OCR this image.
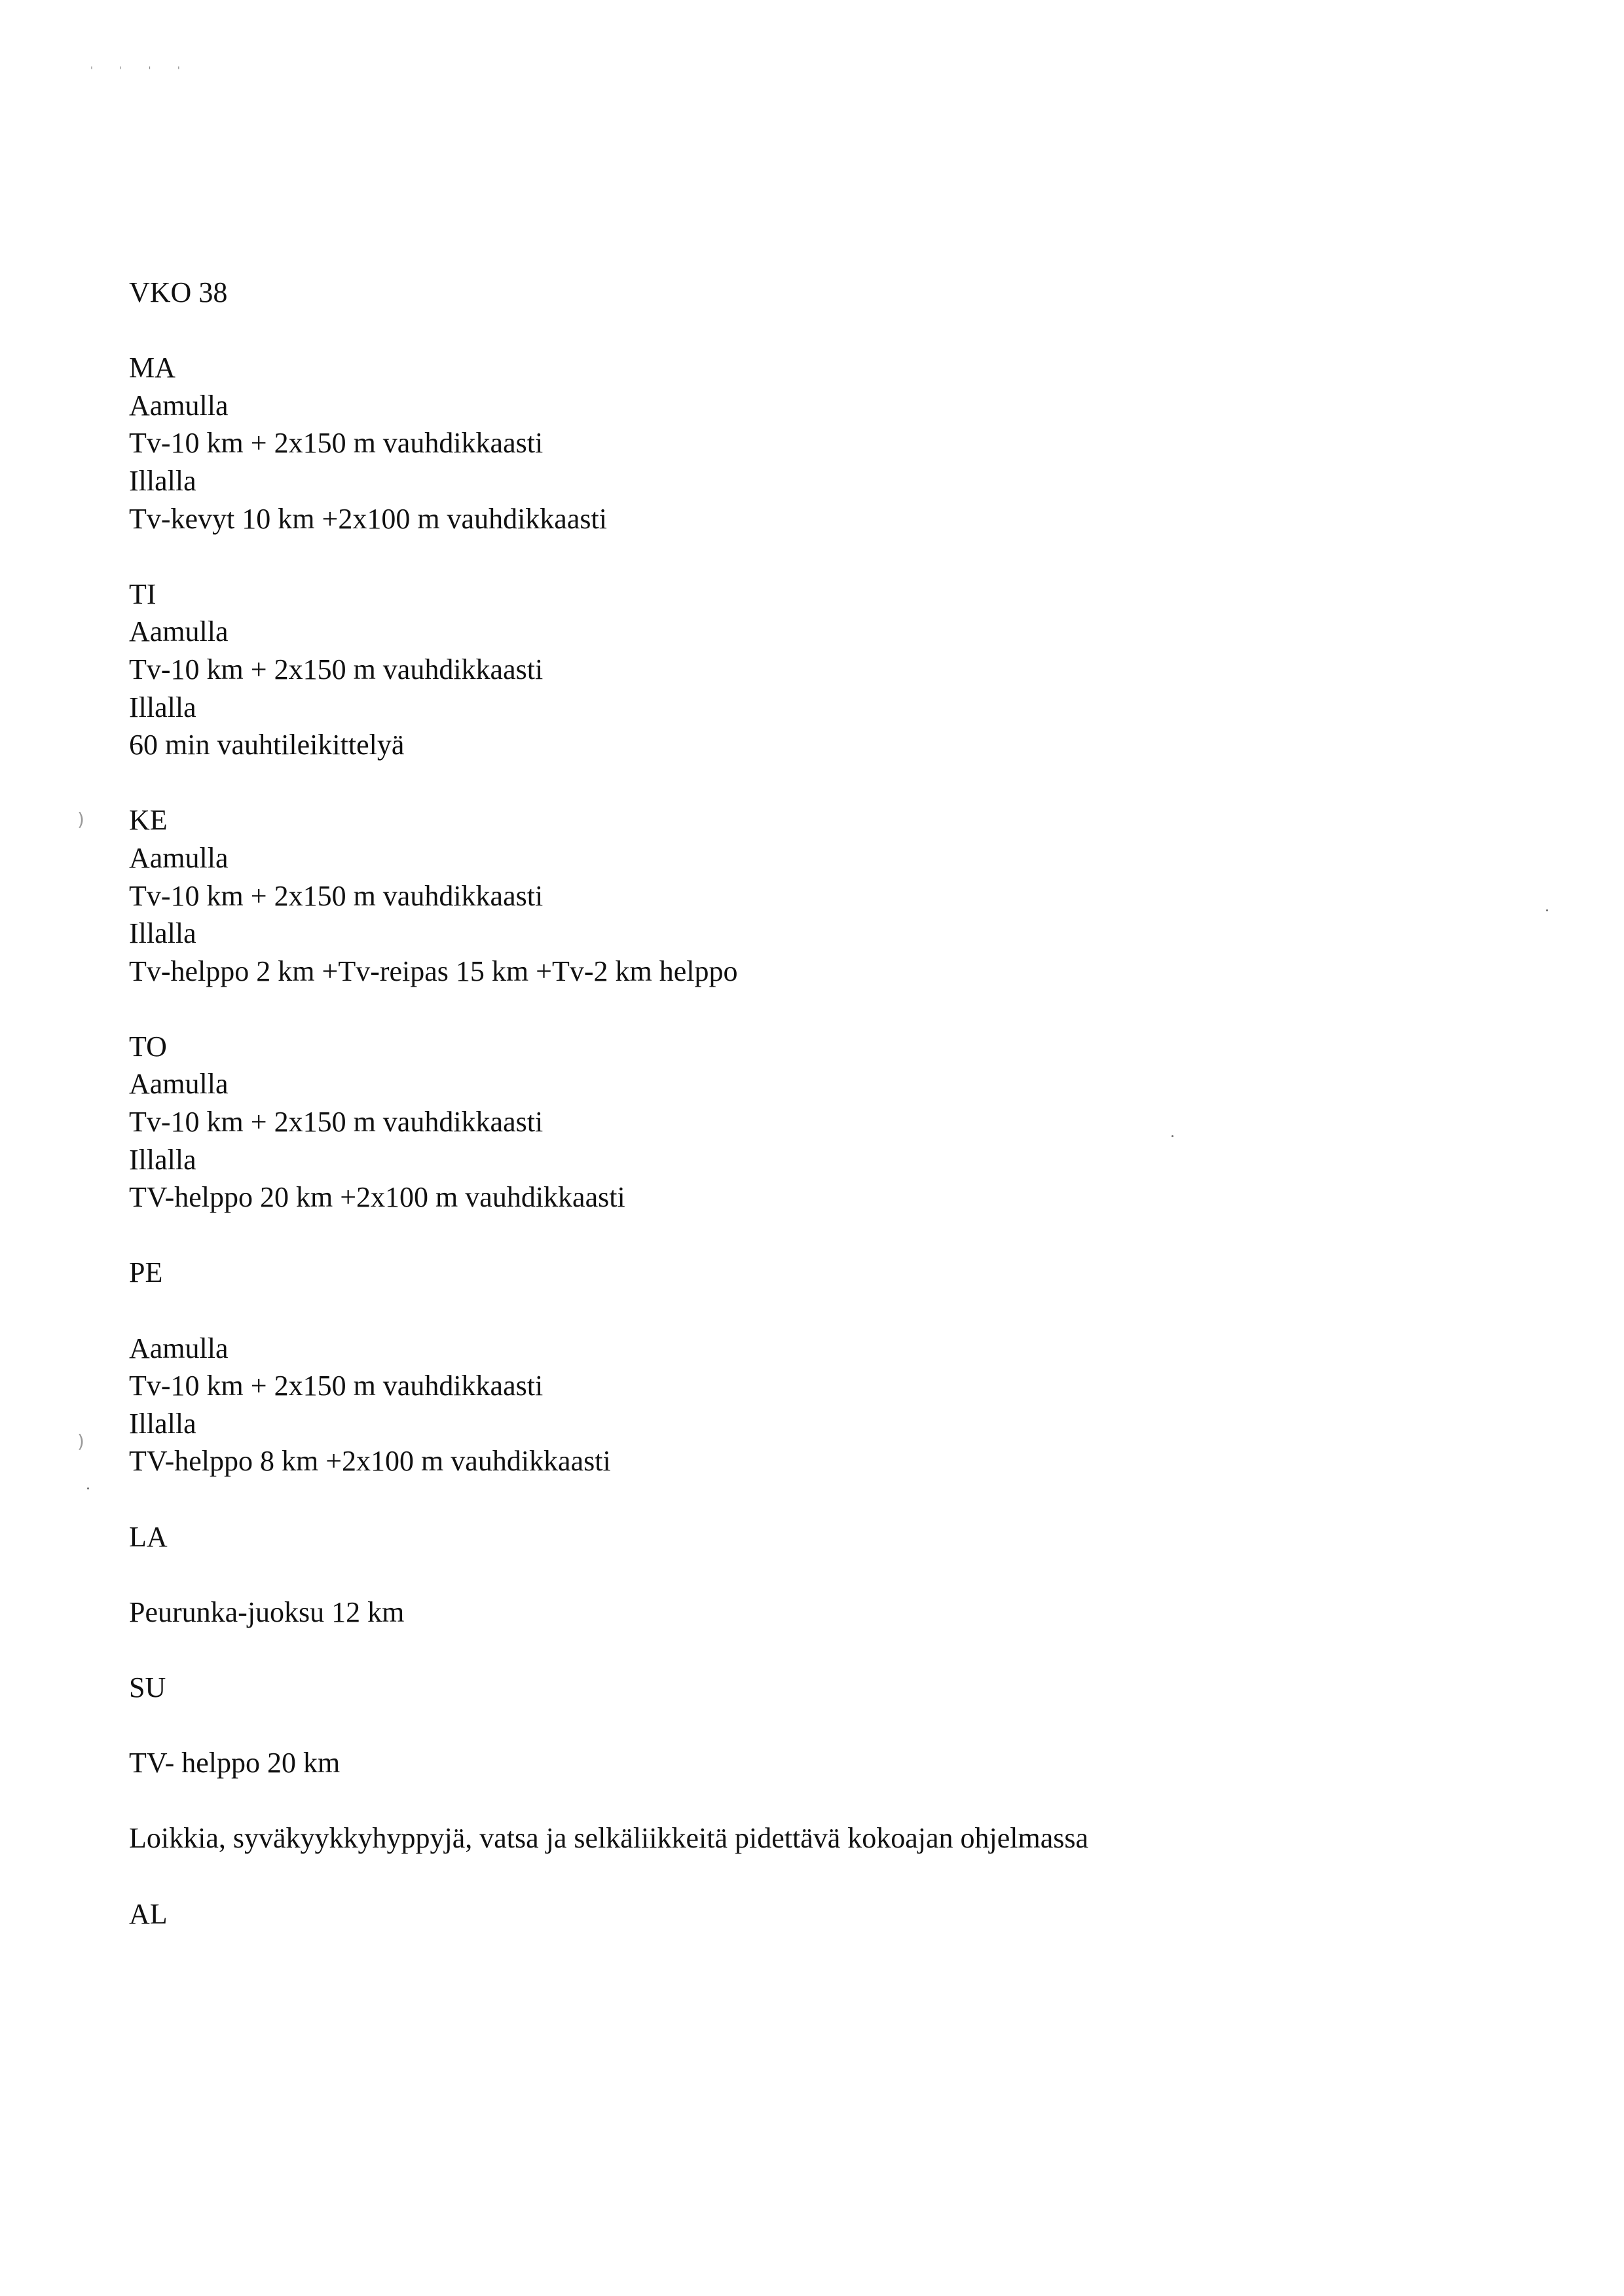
' ' ' '
)
)
VKO 38
MA
Aamulla
Tv-10 km + 2x150 m vauhdikkaasti
Illalla
Tv-kevyt 10 km +2x100 m vauhdikkaasti
TI
Aamulla
Tv-10 km + 2x150 m vauhdikkaasti
Illalla
60 min vauhtileikittelyä
KE
Aamulla
Tv-10 km + 2x150 m vauhdikkaasti
Illalla
Tv-helppo 2 km +Tv-reipas 15 km +Tv-2 km helppo
TO
Aamulla
Tv-10 km + 2x150 m vauhdikkaasti
Illalla
TV-helppo 20 km +2x100 m vauhdikkaasti
PE
Aamulla
Tv-10 km + 2x150 m vauhdikkaasti
Illalla
TV-helppo 8 km +2x100 m vauhdikkaasti
LA
Peurunka-juoksu 12 km
SU
TV- helppo 20 km
Loikkia, syväkyykkyhyppyjä, vatsa ja selkäliikkeitä pidettävä kokoajan ohjelmassa
AL
